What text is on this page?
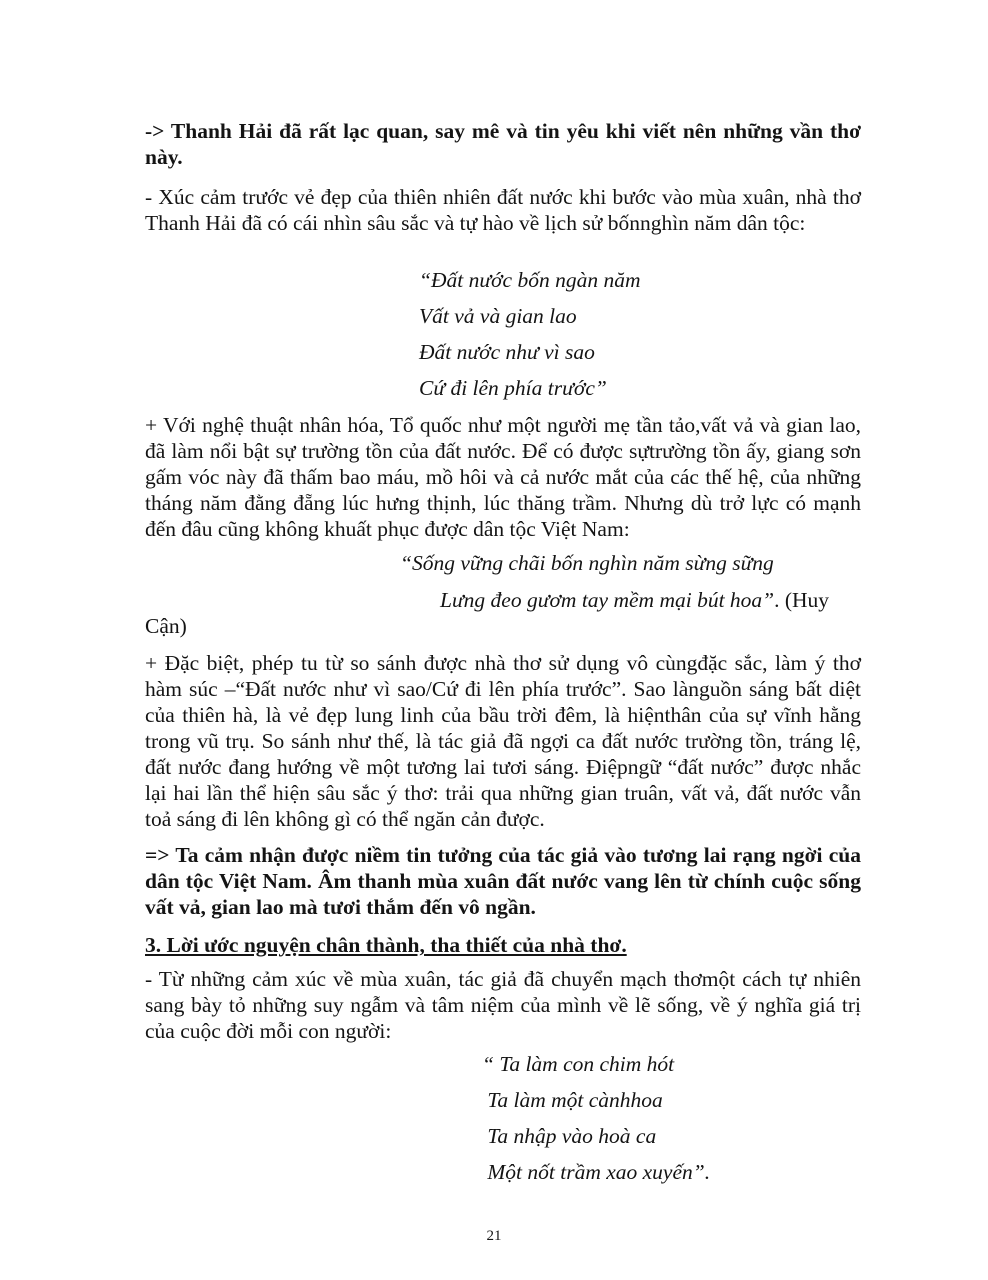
-> Thanh Hải đã rất lạc quan, say mê và tin yêu khi viết nên những vần thơ này.

- Xúc cảm trước vẻ đẹp của thiên nhiên đất nước khi bước vào mùa xuân, nhà thơ Thanh Hải đã có cái nhìn sâu sắc và tự hào về lịch sử bốnnghìn năm dân tộc:

“Đất nước bốn ngàn năm
Vất vả và gian lao
Đất nước như vì sao
Cứ đi lên phía trước”

+ Với nghệ thuật nhân hóa, Tổ quốc như một người mẹ tần tảo,vất vả và gian lao, đã làm nổi bật sự trường tồn của đất nước. Để có được sựtrường tồn ấy, giang sơn gấm vóc này đã thấm bao máu, mồ hôi và cả nước mắt của các thế hệ, của những tháng năm đằng đẵng lúc hưng thịnh, lúc thăng trầm. Nhưng dù trở lực có mạnh đến đâu cũng không khuất phục được dân tộc Việt Nam:

“Sống vững chãi bốn nghìn năm sừng sững

Lưng đeo gươm tay mềm mại bút hoa”. (Huy

Cận)

+ Đặc biệt, phép tu từ so sánh được nhà thơ sử dụng vô cùngđặc sắc, làm ý thơ hàm súc –“Đất nước như vì sao/Cứ đi lên phía trước”. Sao lànguồn sáng bất diệt của thiên hà, là vẻ đẹp lung linh của bầu trời đêm, là hiệnthân của sự vĩnh hằng trong vũ trụ. So sánh như thế, là tác giả đã ngợi ca đất nước trường tồn, tráng lệ, đất nước đang hướng về một tương lai tươi sáng. Điệpngữ “đất nước” được nhắc lại hai lần thể hiện sâu sắc ý thơ: trải qua những gian truân, vất vả, đất nước vẫn toả sáng đi lên không gì có thể ngăn cản được.

=> Ta cảm nhận được niềm tin tưởng của tác giả vào tương lai rạng ngời của dân tộc Việt Nam. Âm thanh mùa xuân đất nước vang lên từ chính cuộc sống vất vả, gian lao mà tươi thắm đến vô ngần.

3. Lời ước nguyện chân thành, tha thiết của nhà thơ.

- Từ những cảm xúc về mùa xuân, tác giả đã chuyển mạch thơmột cách tự nhiên sang bày tỏ những suy ngẫm và tâm niệm của mình về lẽ sống, về ý nghĩa giá trị của cuộc đời mỗi con người:

“ Ta làm con chim hót
Ta làm một cànhhoa
Ta nhập vào hoà ca
Một nốt trầm xao xuyến”.
21
